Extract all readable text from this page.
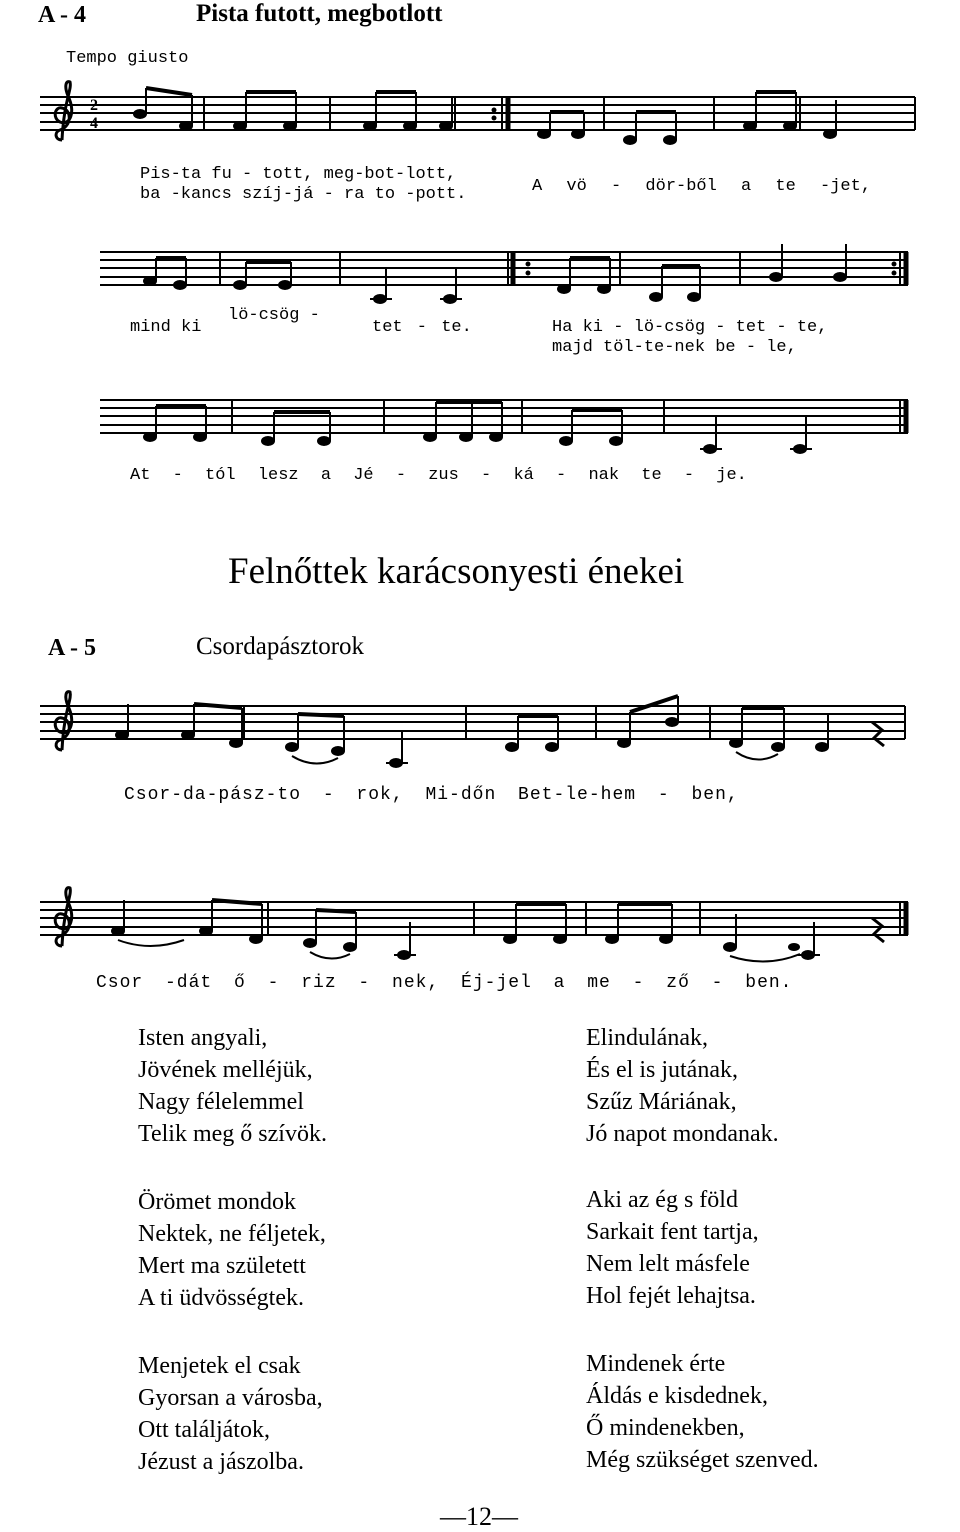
A - 4	Pista futott, megbotlott
Tempo giusto
2
4
Pis-ta fu - tott, meg-bot-lott,
ba -kancs szíj-já - ra to -pott.	A vö - dör-ből a te -jet,
mind ki
lö-csög -
tet - te.	Ha ki - lö-csög - tet - te,
majd töl-te-nek be - le,
At - tól lesz a Jé - zus - ká - nak te - je.
Felnőttek karácsonyesti énekei
A - 5	Csordapásztorok
Csor-da-pász-to - rok, Mi-dőn Bet-le-hem - ben,
Csor -dát ő - riz - nek, Éj-jel a me - ző - ben.
Isten angyali,
Jövének melléjük,
Nagy félelemmel
Telik meg ő szívök.
Örömet mondok
Nektek, ne féljetek,
Mert ma született
A ti üdvösségtek.
Menjetek el csak
Gyorsan a városba,
Ott találjátok,
Jézust a jászolba.
Elindulának,
És el is jutának,
Szűz Máriának,
Jó napot mondanak.
Aki az ég s föld
Sarkait fent tartja,
Nem lelt másfele
Hol fejét lehajtsa.
Mindenek érte
Áldás e kisdednek,
Ő mindenekben,
Még szükséget szenved.
—12—
